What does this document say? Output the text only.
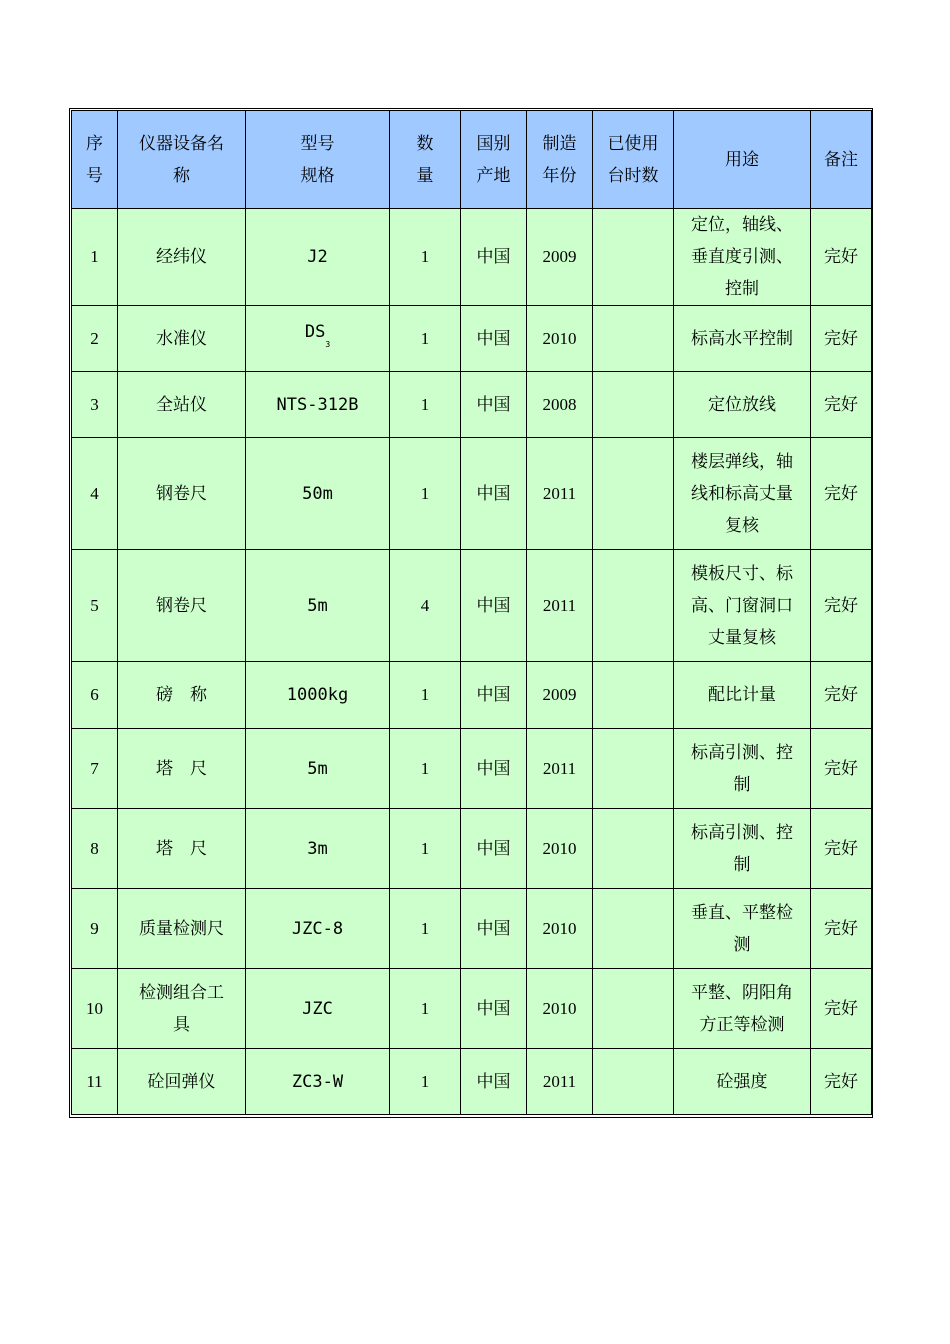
序
号	仪器设备名
称	型号
规格	数
量	国别
产地	制造
年份	已使用
台时数	用途	备注

1	经纬仪	J2	1	中国	2009		定位，轴线、
垂直度引测、
控制	完好
2	水准仪	$DS_3$	1	中国	2010		标高水平控制	完好
3	全站仪	NTS-312B	1	中国	2008		定位放线	完好
4	钢卷尺	50m	1	中国	2011		楼层弹线，轴
线和标高丈量
复核	完好
5	钢卷尺	5m	4	中国	2011		模板尺寸、标
高、门窗洞口
丈量复核	完好
6	磅　称	1000kg	1	中国	2009		配比计量	完好
7	塔　尺	5m	1	中国	2011		标高引测、控
制	完好
8	塔　尺	3m	1	中国	2010		标高引测、控
制	完好
9	质量检测尺	JZC-8	1	中国	2010		垂直、平整检
测	完好
10	检测组合工
具	JZC	1	中国	2010		平整、阴阳角
方正等检测	完好
11	砼回弹仪	ZC3-W	1	中国	2011		砼强度	完好
